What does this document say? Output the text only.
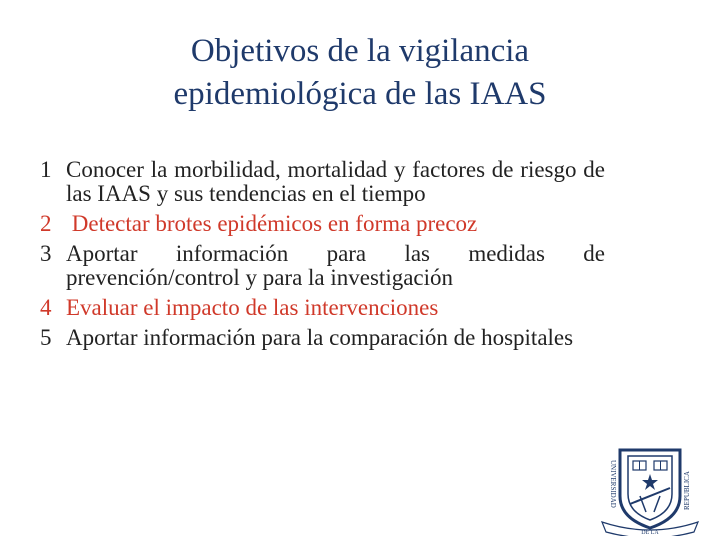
Objetivos de la vigilancia
epidemiológica de las IAAS
1 Conocer la morbilidad, mortalidad y factores de riesgo de las IAAS y sus tendencias en el tiempo
2 Detectar brotes epidémicos en forma precoz
3 Aportar información para las medidas de prevención/control y para la investigación
4 Evaluar el impacto de las intervenciones
5 Aportar información para la comparación de hospitales
UNIVERSIDAD	REPUBLICA
DE LA
